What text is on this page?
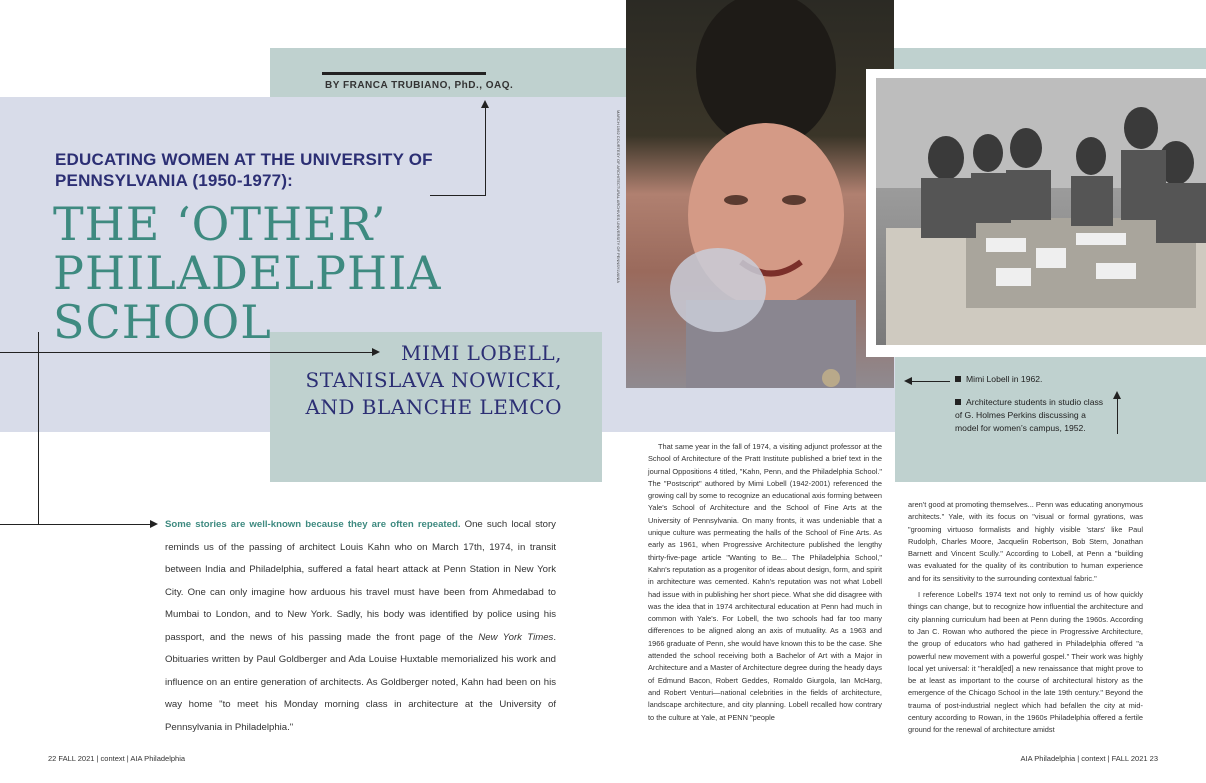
BY FRANCA TRUBIANO, PhD., OAQ.
EDUCATING WOMEN AT THE UNIVERSITY OF PENNSYLVANIA (1950-1977):
THE ‘OTHER’
PHILADELPHIA
SCHOOL
MIMI LOBELL,
STANISLAVA NOWICKI,
AND BLANCHE LEMCO
MARCH 1962 COURTESY OF ARCHITECTURAL ARCHIVES UNIVERSITY OF PENNSYLVANIA

Mimi Lobell in 1962.

Architecture students in studio class of G. Holmes Perkins discussing a model for women’s campus, 1952.

Some stories are well-known because they are often repeated. One such local story reminds us of the passing of architect Louis Kahn who on March 17th, 1974, in transit between India and Philadelphia, suffered a fatal heart attack at Penn Station in New York City. One can only imagine how arduous his travel must have been from Ahmedabad to Mumbai to London, and to New York. Sadly, his body was identified by police using his passport, and the news of his passing made the front page of the New York Times. Obituaries written by Paul Goldberger and Ada Louise Huxtable memorialized his work and influence on an entire generation of architects. As Goldberger noted, Kahn had been on his way home "to meet his Monday morning class in architecture at the University of Pennsylvania in Philadelphia."
That same year in the fall of 1974, a visiting adjunct professor at the School of Architecture of the Pratt Institute published a brief text in the journal Oppositions 4 titled, "Kahn, Penn, and the Philadelphia School." The "Postscript" authored by Mimi Lobell (1942-2001) referenced the growing call by some to recognize an educational axis forming between Yale's School of Architecture and the School of Fine Arts at the University of Pennsylvania. On many fronts, it was undeniable that a unique culture was permeating the halls of the School of Fine Arts. As early as 1961, when Progressive Architecture published the lengthy thirty-five-page article "Wanting to Be... The Philadelphia School," Kahn's reputation as a progenitor of ideas about design, form, and spirit in architecture was cemented. Kahn's reputation was not what Lobell had issue with in publishing her short piece. What she did disagree with was the idea that in 1974 architectural education at Penn had much in common with Yale's. For Lobell, the two schools had far too many differences to be aligned along an axis of mutuality. As a 1963 and 1966 graduate of Penn, she would have known this to be the case. She attended the school receiving both a Bachelor of Art with a Major in Architecture and a Master of Architecture degree during the heady days of Edmund Bacon, Robert Geddes, Romaldo Giurgola, Ian McHarg, and Robert Venturi—national celebrities in the fields of architecture, landscape architecture, and city planning. Lobell recalled how contrary to the culture at Yale, at PENN "people

aren't good at promoting themselves... Penn was educating anonymous architects." Yale, with its focus on "visual or formal gyrations, was "grooming virtuoso formalists and highly visible 'stars' like Paul Rudolph, Charles Moore, Jacquelin Robertson, Bob Stern, Jonathan Barnett and Vincent Scully." According to Lobell, at Penn a "building was evaluated for the quality of its contribution to human experience and for its sensitivity to the surrounding contextual fabric."

I reference Lobell's 1974 text not only to remind us of how quickly things can change, but to recognize how influential the architecture and city planning curriculum had been at Penn during the 1960s. According to Jan C. Rowan who authored the piece in Progressive Architecture, the group of educators who had gathered in Philadelphia offered "a powerful new movement with a powerful gospel." Their work was highly local yet universal: it "herald[ed] a new renaissance that might prove to be at least as important to the course of architectural history as the emergence of the Chicago School in the late 19th century." Beyond the trauma of post-industrial neglect which had befallen the city at mid-century according to Rowan, in the 1960s Philadelphia offered a fertile ground for the renewal of architecture amidst

22 FALL 2021 | context | AIA Philadelphia	AIA Philadelphia | context | FALL 2021 23
